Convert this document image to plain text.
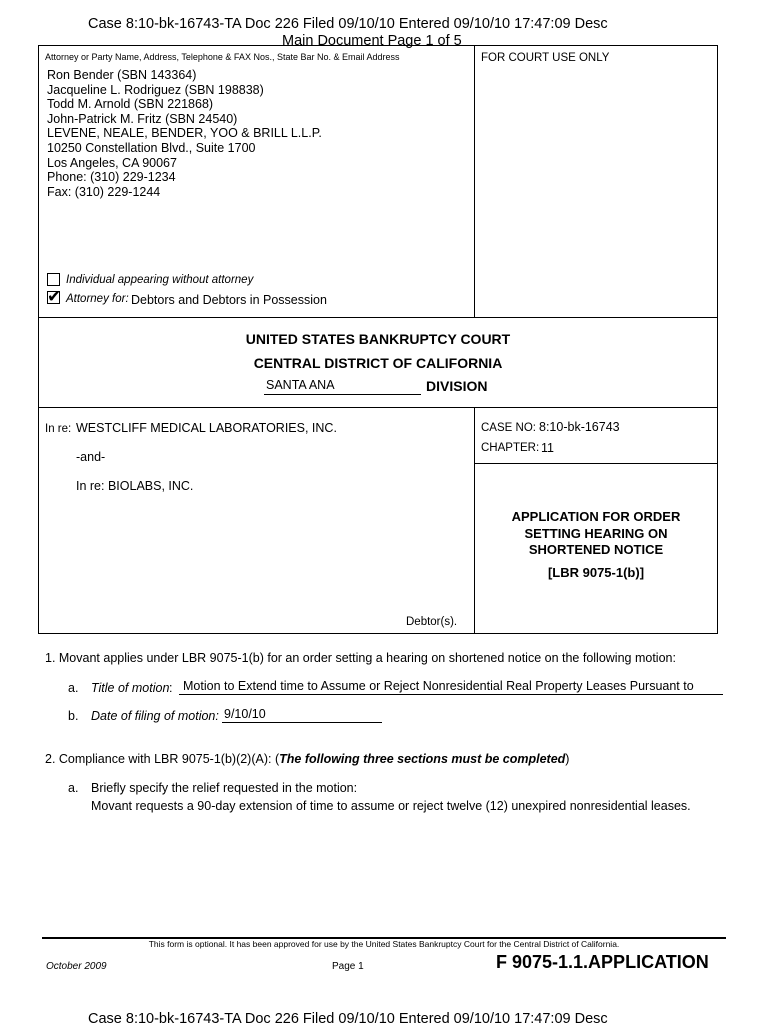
Case 8:10-bk-16743-TA Doc 226 Filed 09/10/10 Entered 09/10/10 17:47:09 Desc
Main Document Page 1 of 5
Attorney or Party Name, Address, Telephone & FAX Nos., State Bar No. & Email Address	FOR COURT USE ONLY
Ron Bender (SBN 143364)
Jacqueline L. Rodriguez (SBN 198838)
Todd M. Arnold (SBN 221868)
John-Patrick M. Fritz (SBN 24540)
LEVENE, NEALE, BENDER, YOO & BRILL L.L.P.
10250 Constellation Blvd., Suite 1700
Los Angeles, CA 90067
Phone: (310) 229-1234
Fax: (310) 229-1244
Individual appearing without attorney
✔ Attorney for: Debtors and Debtors in Possession
UNITED STATES BANKRUPTCY COURT
CENTRAL DISTRICT OF CALIFORNIA
SANTA ANA	DIVISION
In re: WESTCLIFF MEDICAL LABORATORIES, INC.
-and-
In re: BIOLABS, INC.
Debtor(s).
CASE NO: 8:10-bk-16743
CHAPTER: 11
APPLICATION FOR ORDER
SETTING HEARING ON
SHORTENED NOTICE
[LBR 9075-1(b)]
1. Movant applies under LBR 9075-1(b) for an order setting a hearing on shortened notice on the following motion:
a. Title of motion : Motion to Extend time to Assume or Reject Nonresidential Real Property Leases Pursuant to
b. Date of filing of motion: 9/10/10
2. Compliance with LBR 9075-1(b)(2)(A): (The following three sections must be completed)
a. Briefly specify the relief requested in the motion:
Movant requests a 90-day extension of time to assume or reject twelve (12) unexpired nonresidential leases.
This form is optional. It has been approved for use by the United States Bankruptcy Court for the Central District of California.
October 2009	Page 1	F 9075-1.1.APPLICATION
Case 8:10-bk-16743-TA Doc 226 Filed 09/10/10 Entered 09/10/10 17:47:09 Desc
